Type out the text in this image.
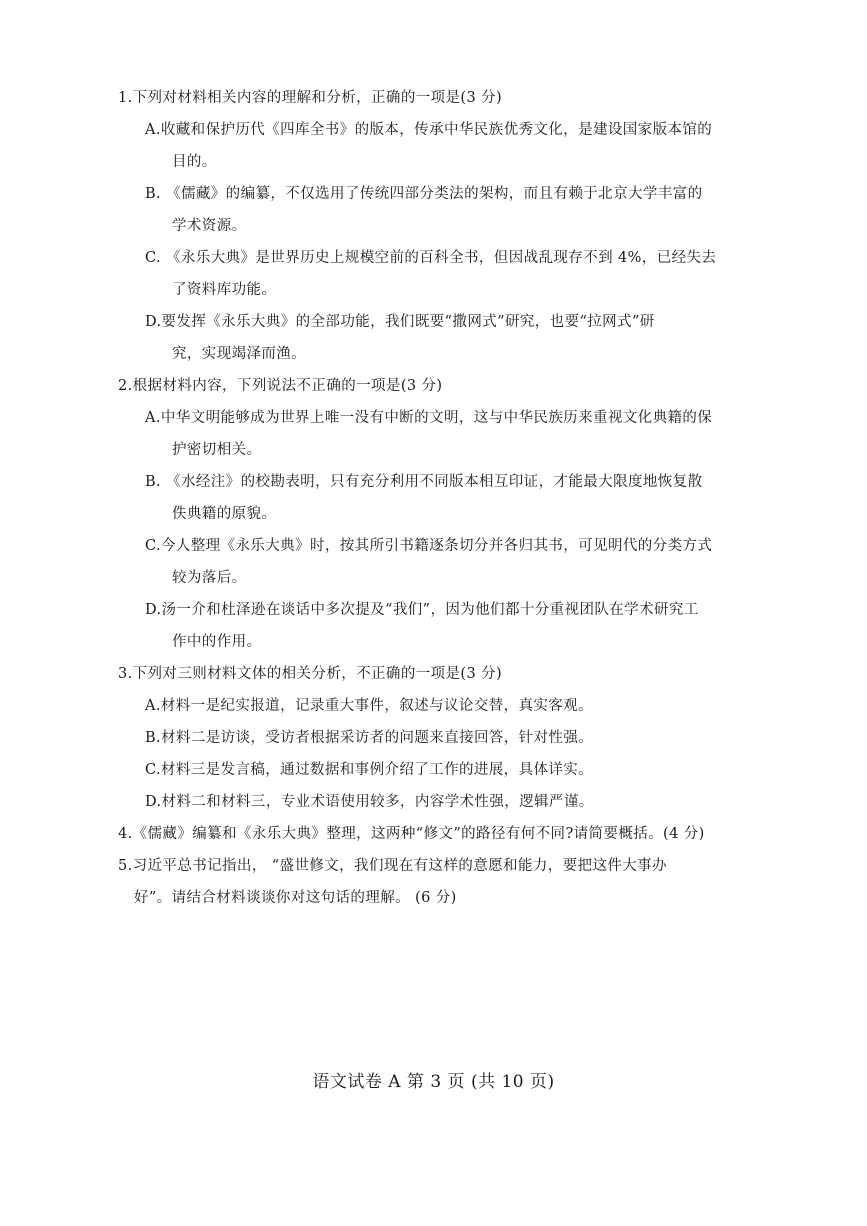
1.下列对材料相关内容的理解和分析，正确的一项是(3 分)
A.收藏和保护历代《四库全书》的版本，传承中华民族优秀文化，是建设国家版本馆的
目的。
B. 《儒藏》的编纂，不仅选用了传统四部分类法的架构，而且有赖于北京大学丰富的
学术资源。
C. 《永乐大典》是世界历史上规模空前的百科全书，但因战乱现存不到 4%，已经失去
了资料库功能。
D.要发挥《永乐大典》的全部功能，我们既要“撒网式”研究，也要“拉网式”研
究，实现竭泽而渔。
2.根据材料内容，下列说法不正确的一项是(3 分)
A.中华文明能够成为世界上唯一没有中断的文明，这与中华民族历来重视文化典籍的保
护密切相关。
B. 《水经注》的校勘表明，只有充分利用不同版本相互印证，才能最大限度地恢复散
佚典籍的原貌。
C.今人整理《永乐大典》时，按其所引书籍逐条切分并各归其书，可见明代的分类方式
较为落后。
D.汤一介和杜泽逊在谈话中多次提及“我们”，因为他们都十分重视团队在学术研究工
作中的作用。
3.下列对三则材料文体的相关分析，不正确的一项是(3 分)
A.材料一是纪实报道，记录重大事件，叙述与议论交替，真实客观。
B.材料二是访谈，受访者根据采访者的问题来直接回答，针对性强。
C.材料三是发言稿，通过数据和事例介绍了工作的进展，具体详实。
D.材料二和材料三，专业术语使用较多，内容学术性强，逻辑严谨。
4.《儒藏》编纂和《永乐大典》整理，这两种“修文”的路径有何不同?请简要概括。(4 分)
5.习近平总书记指出， “盛世修文，我们现在有这样的意愿和能力，要把这件大事办
好”。请结合材料谈谈你对这句话的理解。 (6 分)
语文试卷 A 第 3 页 (共 10 页)
